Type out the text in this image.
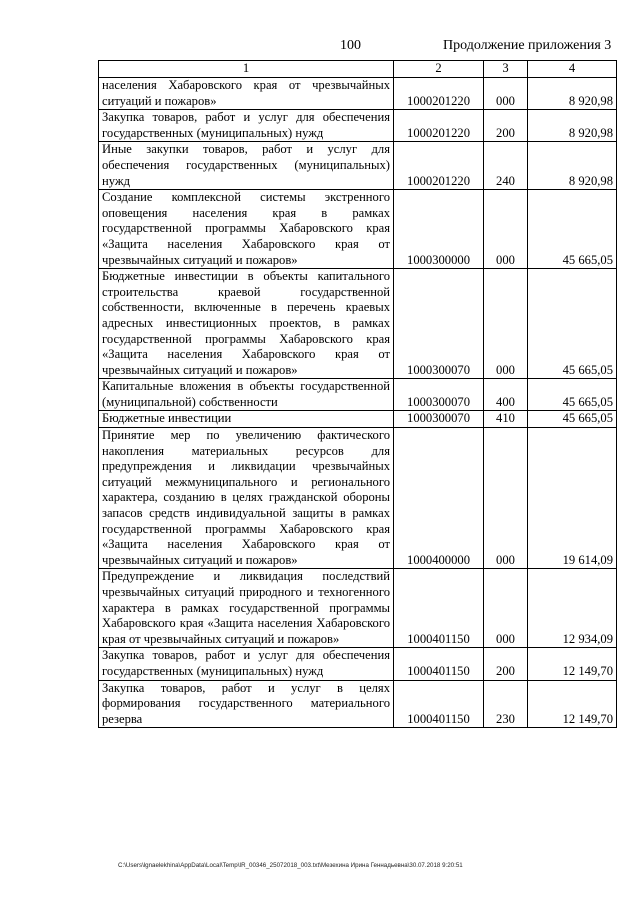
100	Продолжение приложения 3
1	2	3	4
населения Хабаровского края от чрезвычайных ситуаций и пожаров»	1000201220	000	8 920,98
Закупка товаров, работ и услуг для обеспечения государственных (муниципальных) нужд	1000201220	200	8 920,98
Иные закупки товаров, работ и услуг для обеспечения государственных (муниципальных) нужд	1000201220	240	8 920,98
Создание комплексной системы экстренного оповещения населения края в рамках государственной программы Хабаровского края «Защита населения Хабаровского края от чрезвычайных ситуаций и пожаров»	1000300000	000	45 665,05
Бюджетные инвестиции в объекты капитального строительства краевой государственной собственности, включенные в перечень краевых адресных инвестиционных проектов, в рамках государственной программы Хабаровского края «Защита населения Хабаровского края от чрезвычайных ситуаций и пожаров»	1000300070	000	45 665,05
Капитальные вложения в объекты государственной (муниципальной) собственности	1000300070	400	45 665,05
Бюджетные инвестиции	1000300070	410	45 665,05
Принятие мер по увеличению фактического накопления материальных ресурсов для предупреждения и ликвидации чрезвычайных ситуаций межмуниципального и регионального характера, созданию в целях гражданской обороны запасов средств индивидуальной защиты в рамках государственной программы Хабаровского края «Защита населения Хабаровского края от чрезвычайных ситуаций и пожаров»	1000400000	000	19 614,09
Предупреждение и ликвидация последствий чрезвычайных ситуаций природного и техногенного характера в рамках государственной программы Хабаровского края «Защита населения Хабаровского края от чрезвычайных ситуаций и пожаров»	1000401150	000	12 934,09
Закупка товаров, работ и услуг для обеспечения государственных (муниципальных) нужд	1000401150	200	12 149,70
Закупка товаров, работ и услуг в целях формирования государственного материального резерва	1000401150	230	12 149,70
C:\Users\lgnaelekhina\AppData\Local\Temp\IR_00346_25072018_003.txt\Мезехина Ирина Геннадьевна\30.07.2018 9:20:51
